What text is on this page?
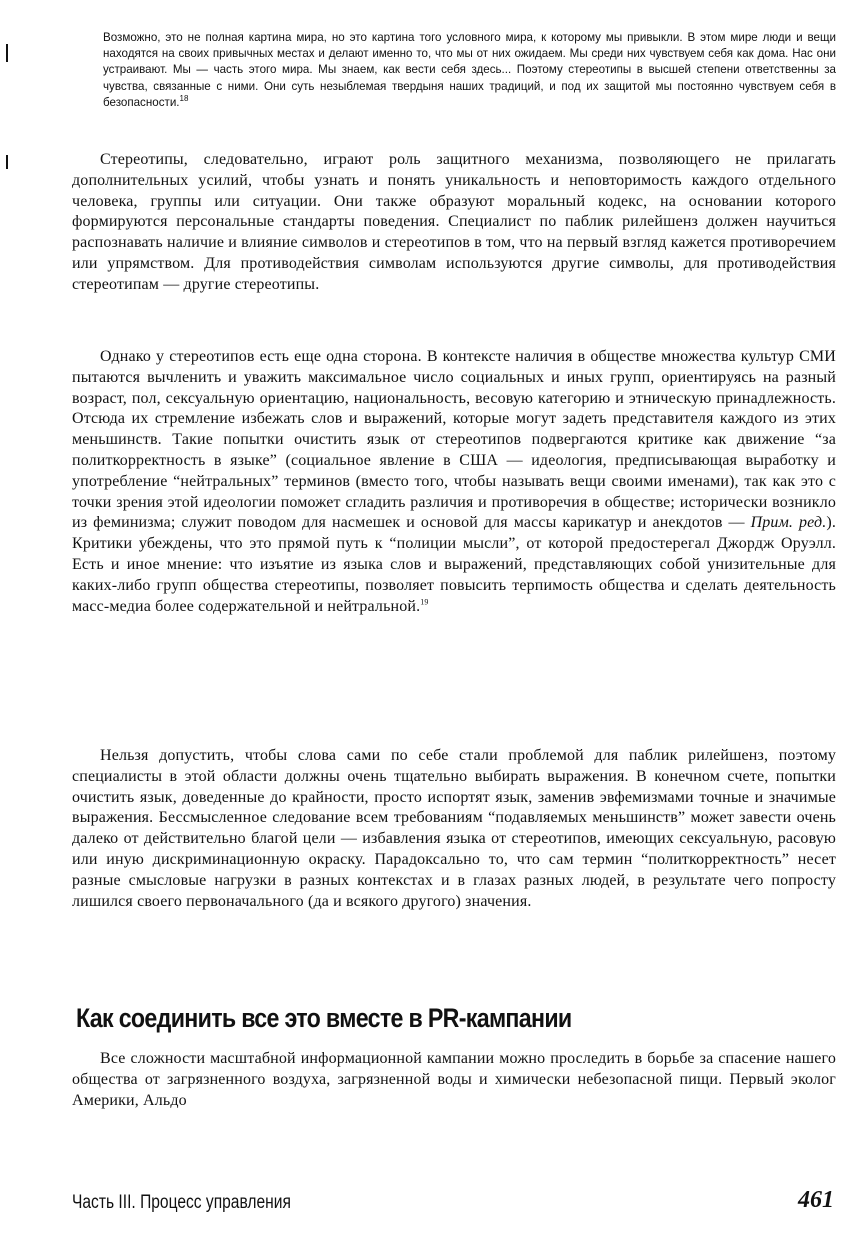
Возможно, это не полная картина мира, но это картина того условного мира, к которому мы привыкли. В этом мире люди и вещи находятся на своих привычных местах и делают именно то, что мы от них ожидаем. Мы среди них чувствуем себя как дома. Нас они устраивают. Мы — часть этого мира. Мы знаем, как вести себя здесь... Поэтому стереотипы в высшей степени ответственны за чувства, связанные с ними. Они суть незыблемая твердыня наших традиций, и под их защитой мы постоянно чувствуем себя в безопасности.$^{18}$

Стереотипы, следовательно, играют роль защитного механизма, позволяющего не прилагать дополнительных усилий, чтобы узнать и понять уникальность и неповторимость каждого отдельного человека, группы или ситуации. Они также образуют моральный кодекс, на основании которого формируются персональные стандарты поведения. Специалист по паблик рилейшенз должен научиться распознавать наличие и влияние символов и стереотипов в том, что на первый взгляд кажется противоречием или упрямством. Для противодействия символам используются другие символы, для противодействия стереотипам — другие стереотипы.

Однако у стереотипов есть еще одна сторона. В контексте наличия в обществе множества культур СМИ пытаются вычленить и уважить максимальное число социальных и иных групп, ориентируясь на разный возраст, пол, сексуальную ориентацию, национальность, весовую категорию и этническую принадлежность. Отсюда их стремление избежать слов и выражений, которые могут задеть представителя каждого из этих меньшинств. Такие попытки очистить язык от стереотипов подвергаются критике как движение “за политкорректность в языке” (социальное явление в США — идеология, предписывающая выработку и употребление “нейтральных” терминов (вместо того, чтобы называть вещи своими именами), так как это с точки зрения этой идеологии поможет сгладить различия и противоречия в обществе; исторически возникло из феминизма; служит поводом для насмешек и основой для массы карикатур и анекдотов — Прим. ред.). Критики убеждены, что это прямой путь к “полиции мысли”, от которой предостерегал Джордж Оруэлл. Есть и иное мнение: что изъятие из языка слов и выражений, представляющих собой унизительные для каких-либо групп общества стереотипы, позволяет повысить терпимость общества и сделать деятельность масс-медиа более содержательной и нейтральной.$^{19}$

Нельзя допустить, чтобы слова сами по себе стали проблемой для паблик рилейшенз, поэтому специалисты в этой области должны очень тщательно выбирать выражения. В конечном счете, попытки очистить язык, доведенные до крайности, просто испортят язык, заменив эвфемизмами точные и значимые выражения. Бессмысленное следование всем требованиям “подавляемых меньшинств” может завести очень далеко от действительно благой цели — избавления языка от стереотипов, имеющих сексуальную, расовую или иную дискриминационную окраску. Парадоксально то, что сам термин “политкорректность” несет разные смысловые нагрузки в разных контекстах и в глазах разных людей, в результате чего попросту лишился своего первоначального (да и всякого другого) значения.

Как соединить все это вместе в PR-кампании

Все сложности масштабной информационной кампании можно проследить в борьбе за спасение нашего общества от загрязненного воздуха, загрязненной воды и химически небезопасной пищи. Первый эколог Америки, Альдо

Часть III. Процесс управления	461
